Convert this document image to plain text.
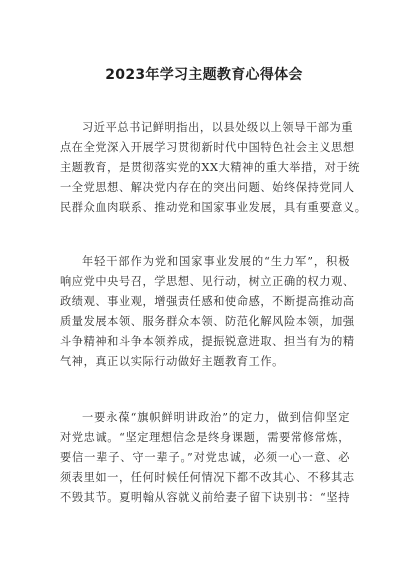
2023年学习主题教育心得体会
习近平总书记鲜明指出，以县处级以上领导干部为重
点在全党深入开展学习贯彻新时代中国特色社会主义思想
主题教育，是贯彻落实党的XX大精神的重大举措，对于统
一全党思想、解决党内存在的突出问题、始终保持党同人
民群众血肉联系、推动党和国家事业发展，具有重要意义。
年轻干部作为党和国家事业发展的“生力军”，积极
响应党中央号召，学思想、见行动，树立正确的权力观、
政绩观、事业观，增强责任感和使命感，不断提高推动高
质量发展本领、服务群众本领、防范化解风险本领，加强
斗争精神和斗争本领养成，提振锐意进取、担当有为的精
气神，真正以实际行动做好主题教育工作。
一要永葆“旗帜鲜明讲政治”的定力，做到信仰坚定
对党忠诚。“坚定理想信念是终身课题，需要常修常炼，
要信一辈子、守一辈子。”对党忠诚，必须一心一意、必
须表里如一，任何时候任何情况下都不改其心、不移其志
不毁其节。夏明翰从容就义前给妻子留下诀别书：“坚持
